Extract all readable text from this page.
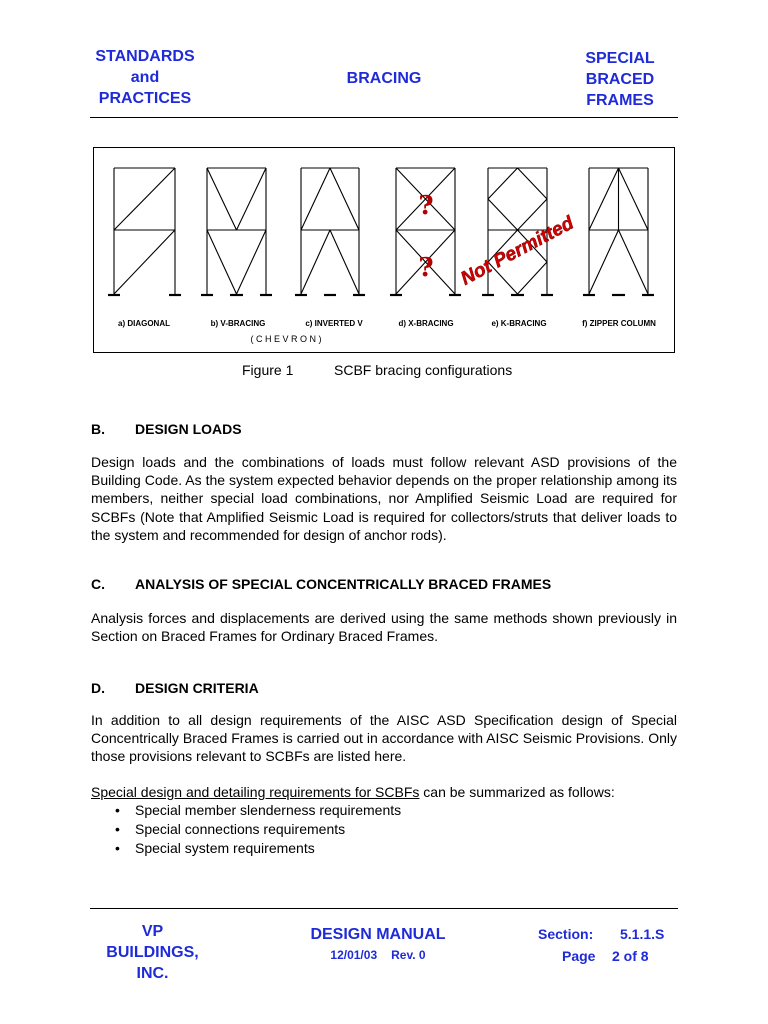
STANDARDS
and
PRACTICES
BRACING
SPECIAL
BRACED
FRAMES
?
? Not Permitted
a) DIAGONAL	b) V-BRACING	c) INVERTED V	d) X-BRACING	e) K-BRACING	f) ZIPPER COLUMN
( C H E V R O N )
Figure 1	SCBF bracing configurations
B. DESIGN LOADS
Design loads and the combinations of loads must follow relevant ASD provisions of the Building Code. As the system expected behavior depends on the proper relationship among its members, neither special load combinations, nor Amplified Seismic Load are required for SCBFs (Note that Amplified Seismic Load is required for collectors/struts that deliver loads to the system and recommended for design of anchor rods).
C. ANALYSIS OF SPECIAL CONCENTRICALLY BRACED FRAMES
Analysis forces and displacements are derived using the same methods shown previously in Section on Braced Frames for Ordinary Braced Frames.
D. DESIGN CRITERIA
In addition to all design requirements of the AISC ASD Specification design of Special Concentrically Braced Frames is carried out in accordance with AISC Seismic Provisions. Only those provisions relevant to SCBFs are listed here.
Special design and detailing requirements for SCBFs can be summarized as follows:
• Special member slenderness requirements
• Special connections requirements
• Special system requirements
VP
BUILDINGS,
INC.
DESIGN MANUAL
12/01/03 Rev. 0
Section: 5.1.1.S
Page 2 of 8
